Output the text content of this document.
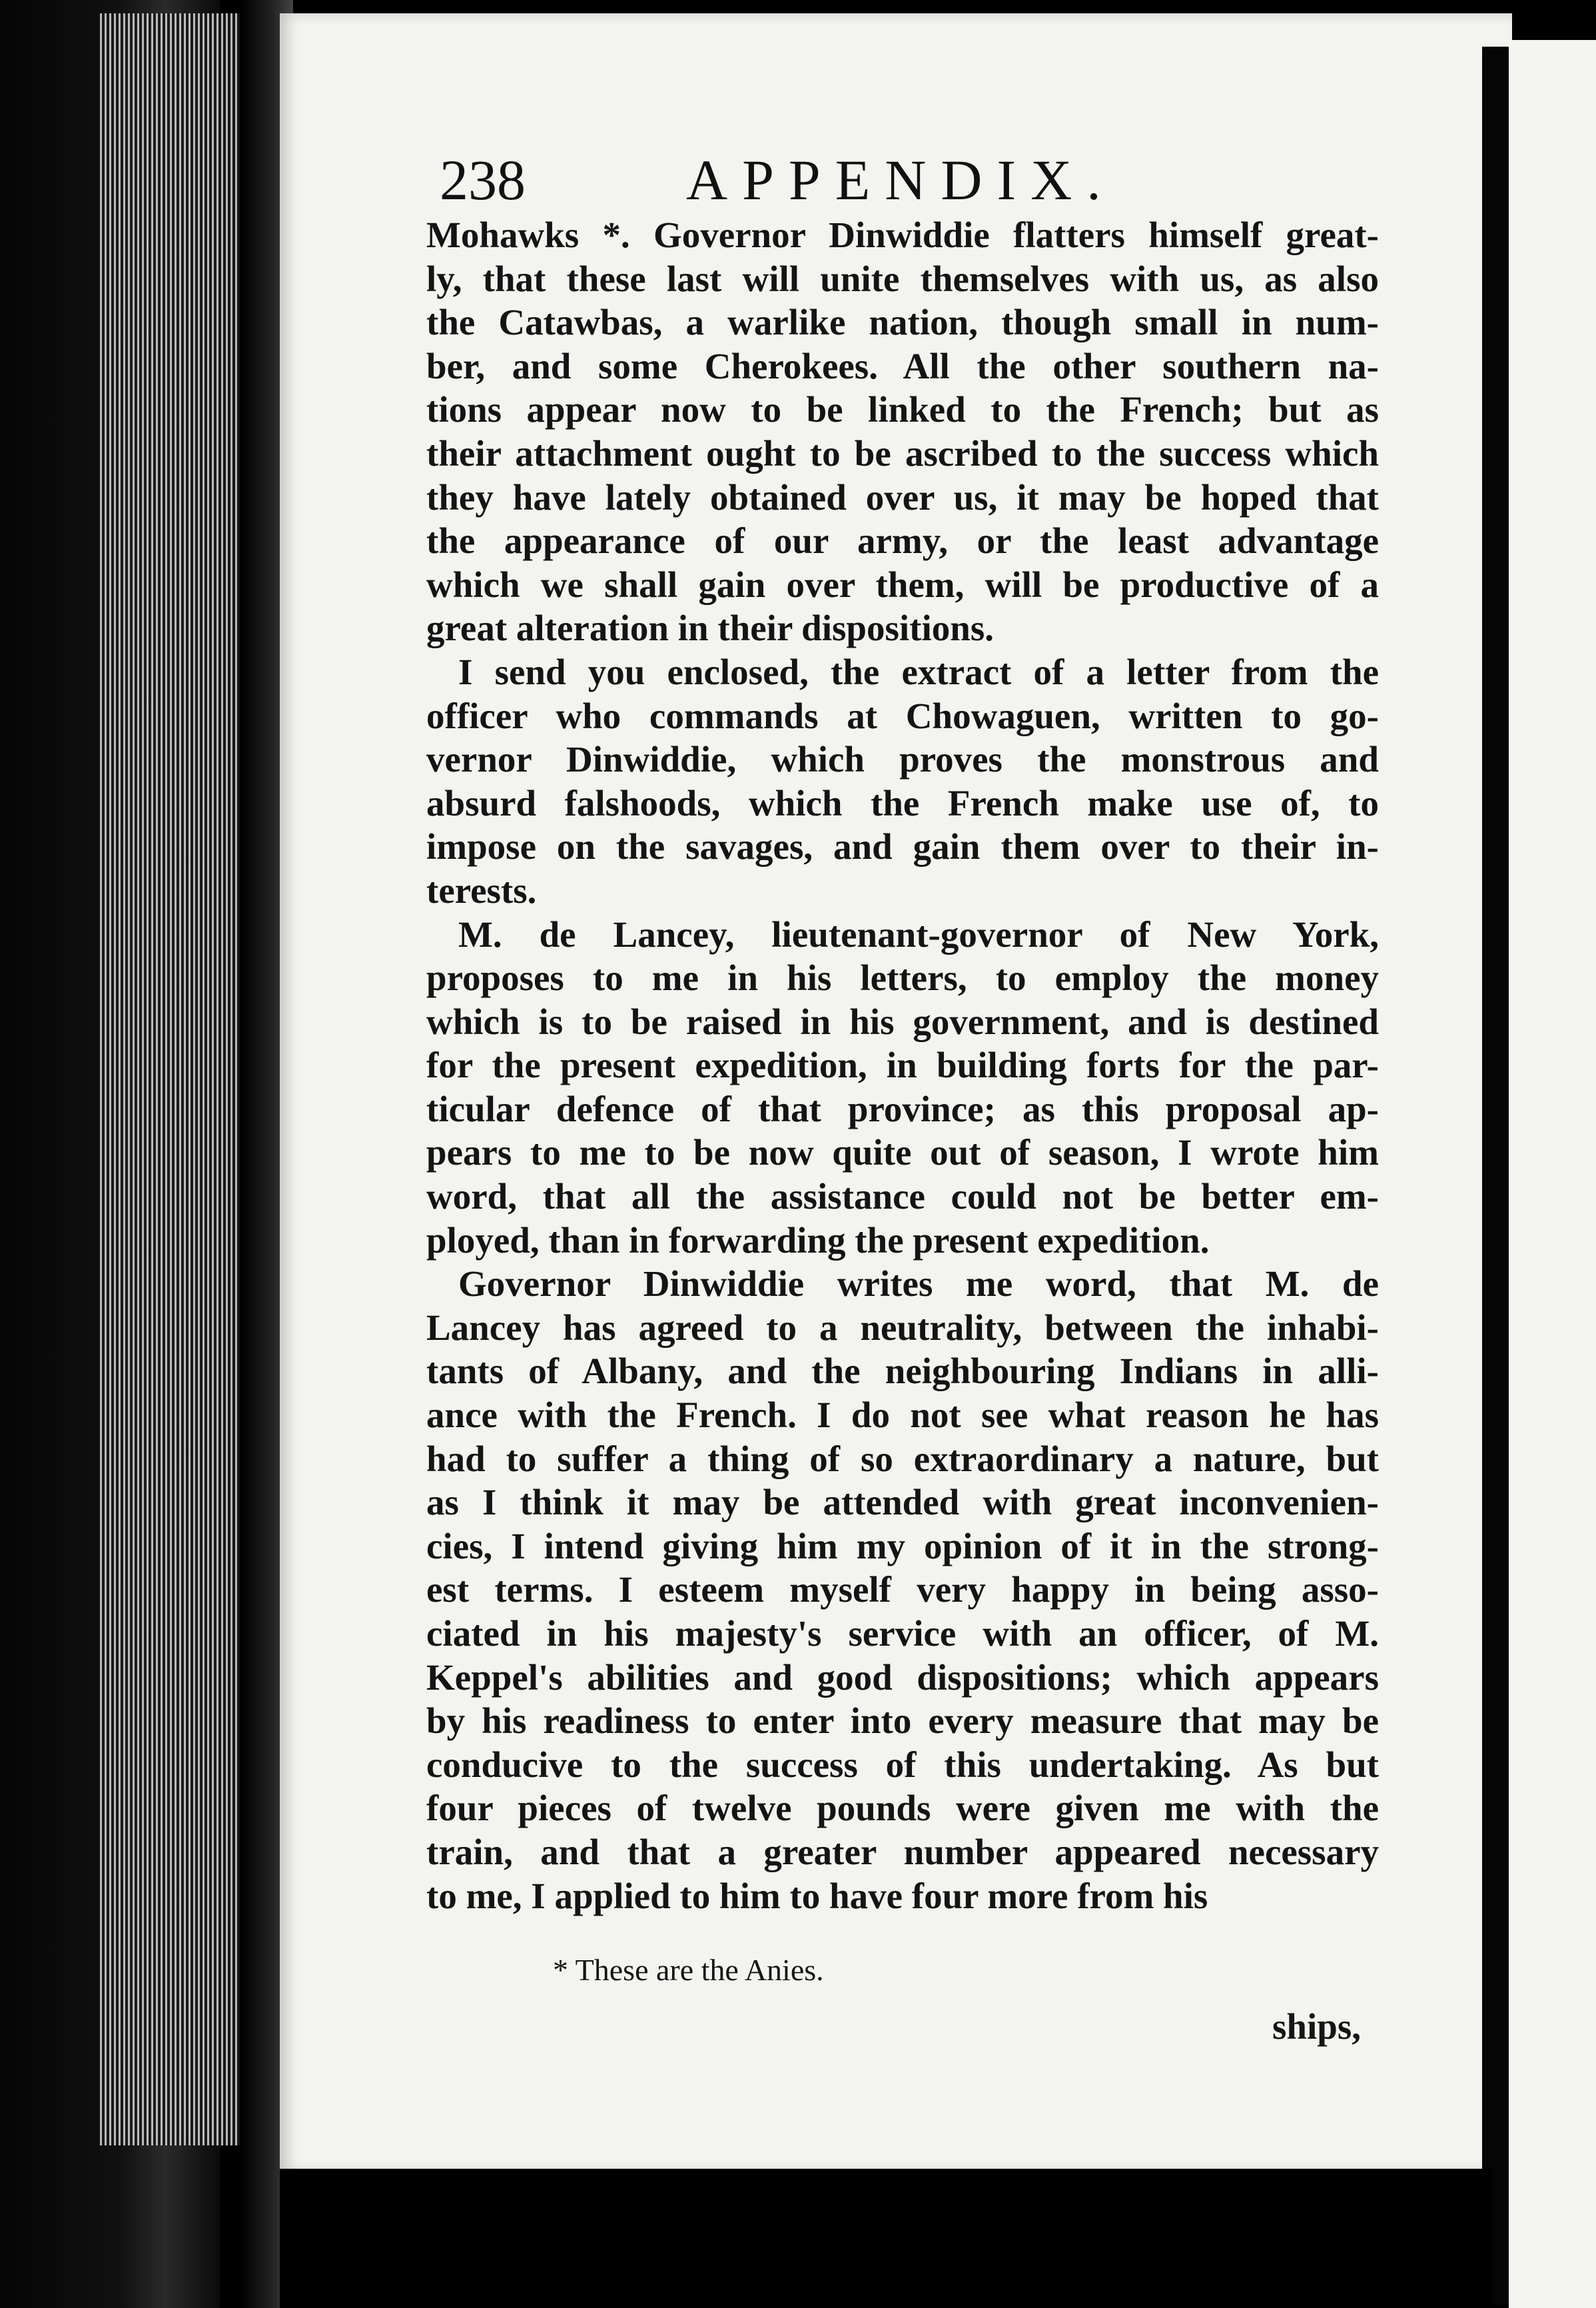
238	APPENDIX.
Mohawks *. Governor Dinwiddie flatters himself great-
ly, that these last will unite themselves with us, as also
the Catawbas, a warlike nation, though small in num-
ber, and some Cherokees. All the other southern na-
tions appear now to be linked to the French; but as
their attachment ought to be ascribed to the success which
they have lately obtained over us, it may be hoped that
the appearance of our army, or the least advantage
which we shall gain over them, will be productive of a
great alteration in their dispositions.
I send you enclosed, the extract of a letter from the
officer who commands at Chowaguen, written to go-
vernor Dinwiddie, which proves the monstrous and
absurd falshoods, which the French make use of, to
impose on the savages, and gain them over to their in-
terests.
M. de Lancey, lieutenant-governor of New York,
proposes to me in his letters, to employ the money
which is to be raised in his government, and is destined
for the present expedition, in building forts for the par-
ticular defence of that province; as this proposal ap-
pears to me to be now quite out of season, I wrote him
word, that all the assistance could not be better em-
ployed, than in forwarding the present expedition.
Governor Dinwiddie writes me word, that M. de
Lancey has agreed to a neutrality, between the inhabi-
tants of Albany, and the neighbouring Indians in alli-
ance with the French. I do not see what reason he has
had to suffer a thing of so extraordinary a nature, but
as I think it may be attended with great inconvenien-
cies, I intend giving him my opinion of it in the strong-
est terms. I esteem myself very happy in being asso-
ciated in his majesty's service with an officer, of M.
Keppel's abilities and good dispositions; which appears
by his readiness to enter into every measure that may be
conducive to the success of this undertaking. As but
four pieces of twelve pounds were given me with the
train, and that a greater number appeared necessary
to me, I applied to him to have four more from his
* These are the Anies.
ships,
